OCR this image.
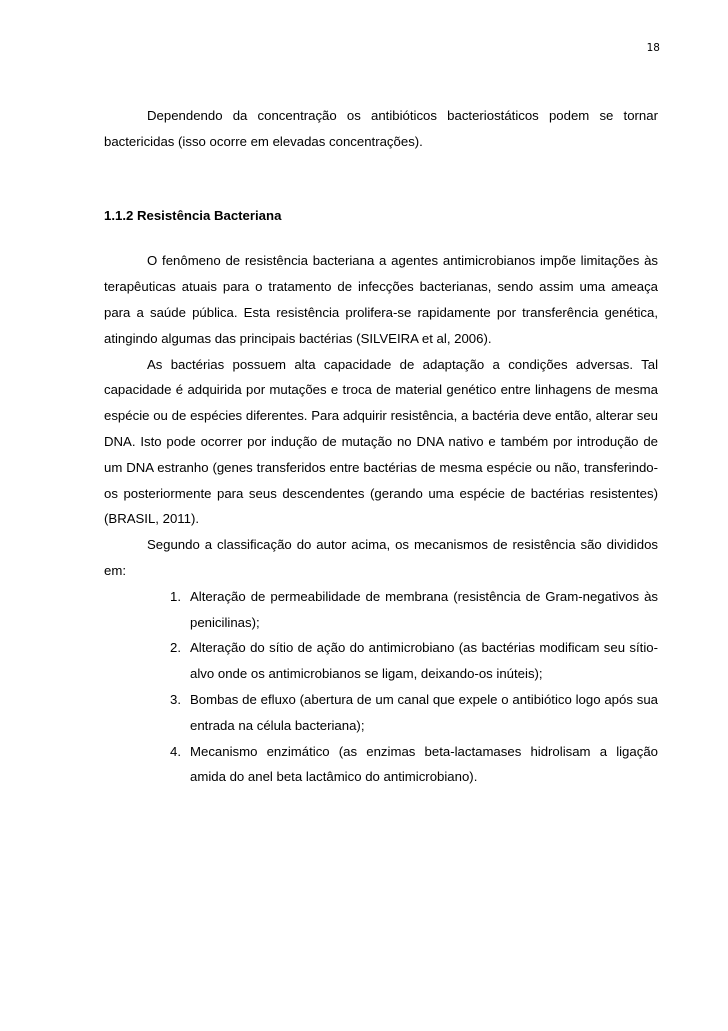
18

Dependendo da concentração os antibióticos bacteriostáticos podem se tornar bactericidas (isso ocorre em elevadas concentrações).

1.1.2 Resistência Bacteriana

O fenômeno de resistência bacteriana a agentes antimicrobianos impõe limitações às terapêuticas atuais para o tratamento de infecções bacterianas, sendo assim uma ameaça para a saúde pública. Esta resistência prolifera-se rapidamente por transferência genética, atingindo algumas das principais bactérias (SILVEIRA et al, 2006).

As bactérias possuem alta capacidade de adaptação a condições adversas. Tal capacidade é adquirida por mutações e troca de material genético entre linhagens de mesma espécie ou de espécies diferentes. Para adquirir resistência, a bactéria deve então, alterar seu DNA. Isto pode ocorrer por indução de mutação no DNA nativo e também por introdução de um DNA estranho (genes transferidos entre bactérias de mesma espécie ou não, transferindo-os posteriormente para seus descendentes (gerando uma espécie de bactérias resistentes) (BRASIL, 2011).

Segundo a classificação do autor acima, os mecanismos de resistência são divididos em:

1. Alteração de permeabilidade de membrana (resistência de Gram-negativos às penicilinas);
2. Alteração do sítio de ação do antimicrobiano (as bactérias modificam seu sítio-alvo onde os antimicrobianos se ligam, deixando-os inúteis);
3. Bombas de efluxo (abertura de um canal que expele o antibiótico logo após sua entrada na célula bacteriana);
4. Mecanismo enzimático (as enzimas beta-lactamases hidrolisam a ligação amida do anel beta lactâmico do antimicrobiano).
